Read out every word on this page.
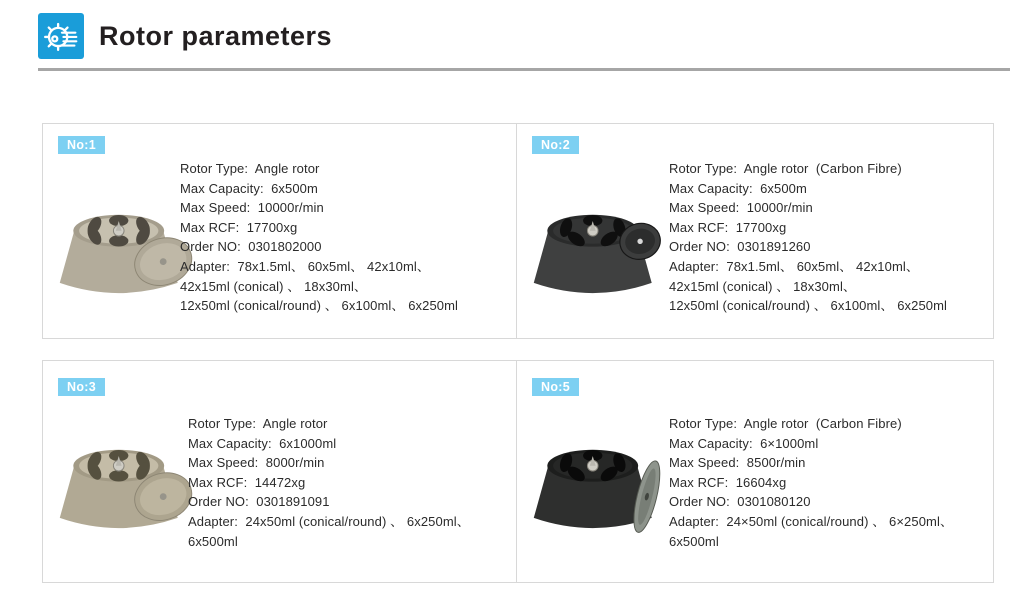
Rotor parameters
No:1
Rotor Type:  Angle rotor
Max Capacity:  6x500m
Max Speed:  10000r/min
Max RCF:  17700xg
Order NO:  0301802000
Adapter:  78x1.5ml、 60x5ml、 42x10ml、
42x15ml (conical) 、 18x30ml、
12x50ml (conical/round) 、 6x100ml、 6x250ml
No:2
Rotor Type:  Angle rotor  (Carbon Fibre)
Max Capacity:  6x500m
Max Speed:  10000r/min
Max RCF:  17700xg
Order NO:  0301891260
Adapter:  78x1.5ml、 60x5ml、 42x10ml、
42x15ml (conical) 、 18x30ml、
12x50ml (conical/round) 、 6x100ml、 6x250ml
No:3
Rotor Type:  Angle rotor
Max Capacity:  6x1000ml
Max Speed:  8000r/min
Max RCF:  14472xg
Order NO:  0301891091
Adapter:  24x50ml (conical/round) 、 6x250ml、
6x500ml
No:5
Rotor Type:  Angle rotor  (Carbon Fibre)
Max Capacity:  6×1000ml
Max Speed:  8500r/min
Max RCF:  16604xg
Order NO:  0301080120
Adapter:  24×50ml (conical/round) 、 6×250ml、
6x500ml
